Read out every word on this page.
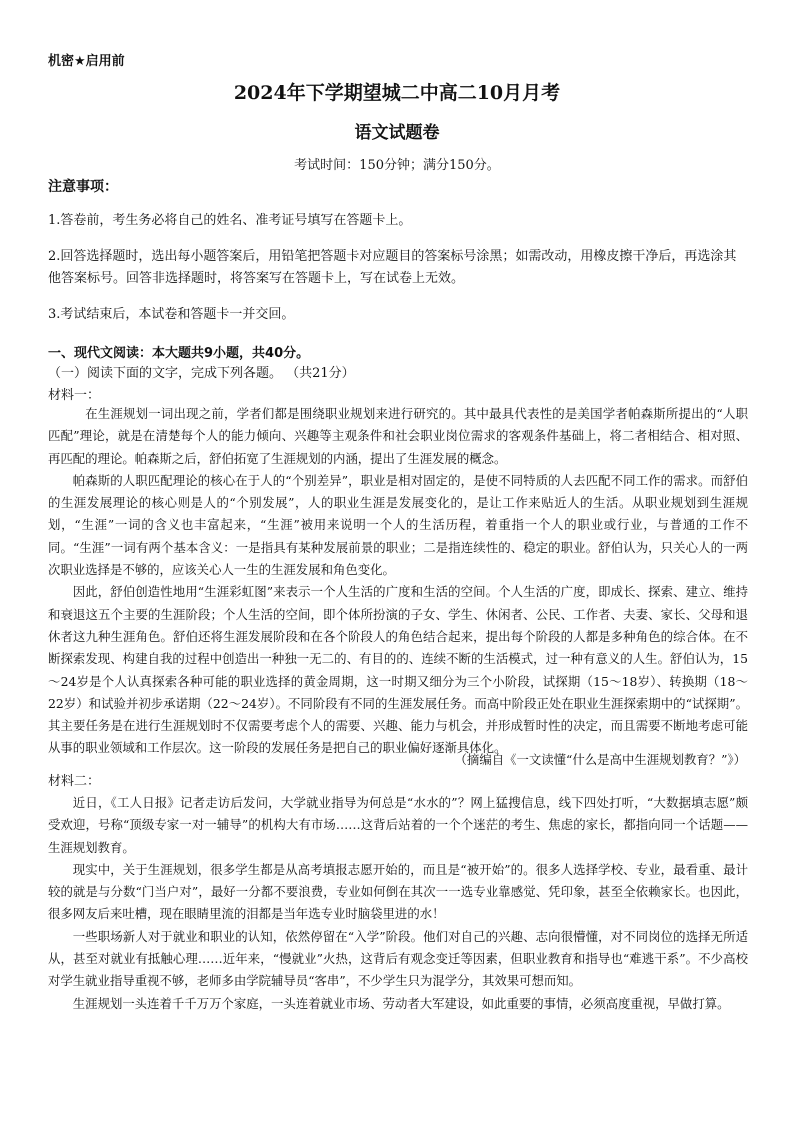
机密★启用前
2024年下学期望城二中高二10月月考
语文试题卷
考试时间：150分钟；满分150分。
注意事项：
1.答卷前，考生务必将自己的姓名、准考证号填写在答题卡上。
2.回答选择题时，选出每小题答案后，用铅笔把答题卡对应题目的答案标号涂黑；如需改动，用橡皮擦干净后，再选涂其他答案标号。回答非选择题时，将答案写在答题卡上，写在试卷上无效。
3.考试结束后，本试卷和答题卡一并交回。
一、现代文阅读：本大题共9小题，共40分。
（一）阅读下面的文字，完成下列各题。 （共21分）
材料一：

在生涯规划一词出现之前，学者们都是围绕职业规划来进行研究的。其中最具代表性的是美国学者帕森斯所提出的“人职匹配”理论，就是在清楚每个人的能力倾向、兴趣等主观条件和社会职业岗位需求的客观条件基础上，将二者相结合、相对照、再匹配的理论。帕森斯之后，舒伯拓宽了生涯规划的内涵，提出了生涯发展的概念。

帕森斯的人职匹配理论的核心在于人的“个别差异”，职业是相对固定的，是使不同特质的人去匹配不同工作的需求。而舒伯的生涯发展理论的核心则是人的“个别发展”，人的职业生涯是发展变化的，是让工作来贴近人的生活。从职业规划到生涯规划，“生涯”一词的含义也丰富起来，“生涯”被用来说明一个人的生活历程，着重指一个人的职业或行业，与普通的工作不同。“生涯”一词有两个基本含义：一是指具有某种发展前景的职业；二是指连续性的、稳定的职业。舒伯认为，只关心人的一两次职业选择是不够的，应该关心人一生的生涯发展和角色变化。

因此，舒伯创造性地用“生涯彩虹图”来表示一个人生活的广度和生活的空间。个人生活的广度，即成长、探索、建立、维持和衰退这五个主要的生涯阶段；个人生活的空间，即个体所扮演的子女、学生、休闲者、公民、工作者、夫妻、家长、父母和退休者这九种生涯角色。舒伯还将生涯发展阶段和在各个阶段人的角色结合起来，提出每个阶段的人都是多种角色的综合体。在不断探索发现、构建自我的过程中创造出一种独一无二的、有目的的、连续不断的生活模式，过一种有意义的人生。舒伯认为，15～24岁是个人认真探索各种可能的职业选择的黄金周期，这一时期又细分为三个小阶段，试探期（15～18岁）、转换期（18～22岁）和试验并初步承诺期（22～24岁）。不同阶段有不同的生涯发展任务。而高中阶段正处在职业生涯探索期中的“试探期”。其主要任务是在进行生涯规划时不仅需要考虑个人的需要、兴趣、能力与机会，并形成暂时性的决定，而且需要不断地考虑可能从事的职业领域和工作层次。这一阶段的发展任务是把自己的职业偏好逐渐具体化。

（摘编自《一文读懂“什么是高中生涯规划教育？”》）
材料二：

近日，《工人日报》记者走访后发问，大学就业指导为何总是“水水的”？网上猛搜信息，线下四处打听，“大数据填志愿”颇受欢迎，号称“顶级专家一对一辅导”的机构大有市场……这背后站着的一个个迷茫的考生、焦虑的家长，都指向同一个话题——生涯规划教育。

现实中，关于生涯规划，很多学生都是从高考填报志愿开始的，而且是“被开始”的。很多人选择学校、专业，最看重、最计较的就是与分数“门当户对”，最好一分都不要浪费，专业如何倒在其次一一选专业靠感觉、凭印象，甚至全依赖家长。也因此，很多网友后来吐槽，现在眼睛里流的泪都是当年选专业时脑袋里进的水！

一些职场新人对于就业和职业的认知，依然停留在“入学”阶段。他们对自己的兴趣、志向很懵懂，对不同岗位的选择无所适从，甚至对就业有抵触心理……近年来，“慢就业”火热，这背后有观念变迁等因素，但职业教育和指导也“难逃干系”。不少高校对学生就业指导重视不够，老师多由学院辅导员“客串”，不少学生只为混学分，其效果可想而知。

生涯规划一头连着千千万万个家庭，一头连着就业市场、劳动者大军建设，如此重要的事情，必须高度重视，早做打算。
